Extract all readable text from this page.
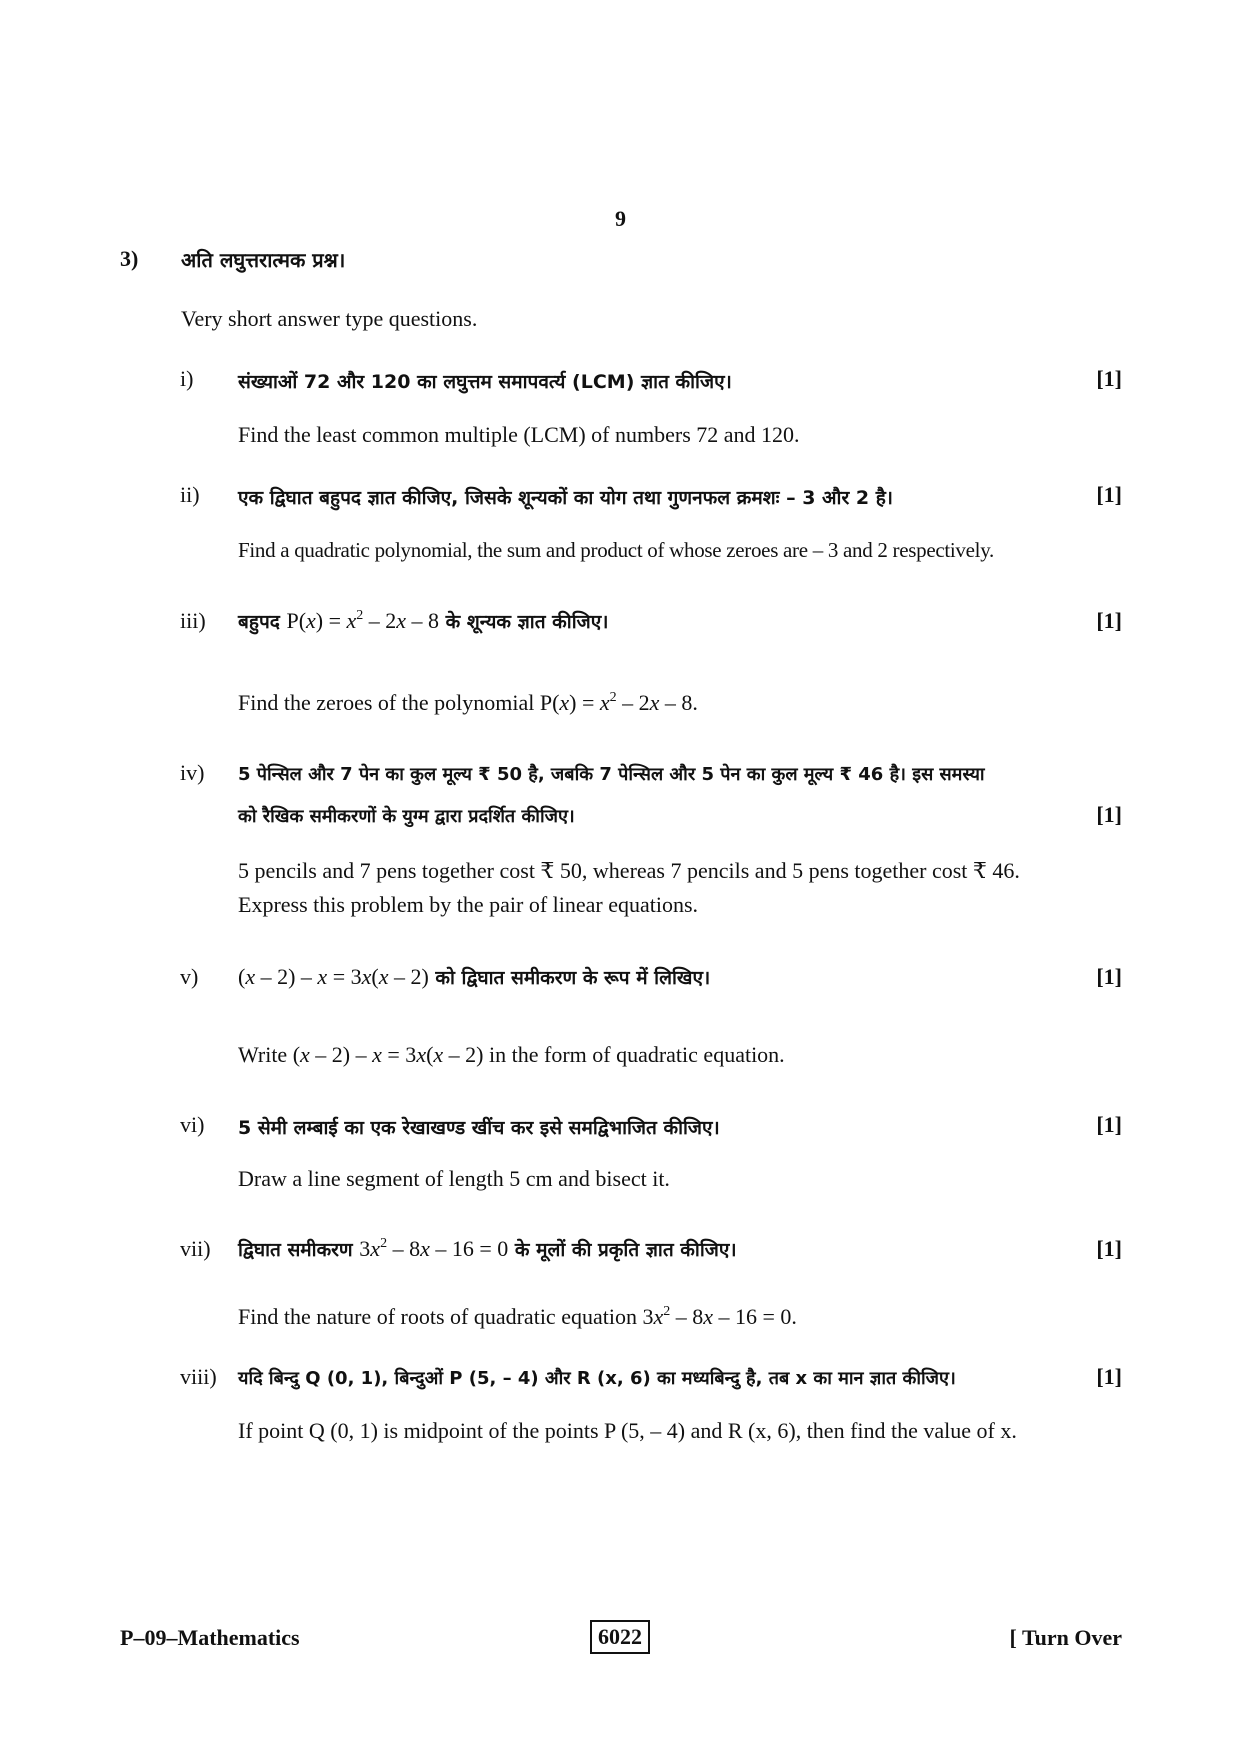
9
3) अति लघुत्तरात्मक प्रश्न।
Very short answer type questions.
i) संख्याओं 72 और 120 का लघुत्तम समापवर्त्य (LCM) ज्ञात कीजिए।	[1]
Find the least common multiple (LCM) of numbers 72 and 120.
ii) एक द्विघात बहुपद ज्ञात कीजिए, जिसके शून्यकों का योग तथा गुणनफल क्रमशः – 3 और 2 है।	[1]
Find a quadratic polynomial, the sum and product of whose zeroes are – 3 and 2 respectively.
iii) बहुपद $P(x) = x^2 - 2x - 8$ के शून्यक ज्ञात कीजिए।	[1]
Find the zeroes of the polynomial $P(x) = x^2 - 2x - 8$.
iv) 5 पेन्सिल और 7 पेन का कुल मूल्य ₹ 50 है, जबकि 7 पेन्सिल और 5 पेन का कुल मूल्य ₹ 46 है। इस समस्या
को रैखिक समीकरणों के युग्म द्वारा प्रदर्शित कीजिए।	[1]
5 pencils and 7 pens together cost ₹ 50, whereas 7 pencils and 5 pens together cost ₹ 46.
Express this problem by the pair of linear equations.
v) (x – 2) – x = 3x(x – 2) को द्विघात समीकरण के रूप में लिखिए।	[1]
Write (x – 2) – x = 3x(x – 2) in the form of quadratic equation.
vi) 5 सेमी लम्बाई का एक रेखाखण्ड खींच कर इसे समद्विभाजित कीजिए।	[1]
Draw a line segment of length 5 cm and bisect it.
vii) द्विघात समीकरण $3x^2 - 8x - 16 = 0$ के मूलों की प्रकृति ज्ञात कीजिए।	[1]
Find the nature of roots of quadratic equation $3x^2 - 8x - 16 = 0$.
viii) यदि बिन्दु Q (0, 1), बिन्दुओं P (5, – 4) और R (x, 6) का मध्यबिन्दु है, तब x का मान ज्ञात कीजिए।	[1]
If point Q (0, 1) is midpoint of the points P (5, – 4) and R (x, 6), then find the value of x.
P–09–Mathematics	6022	[ Turn Over
